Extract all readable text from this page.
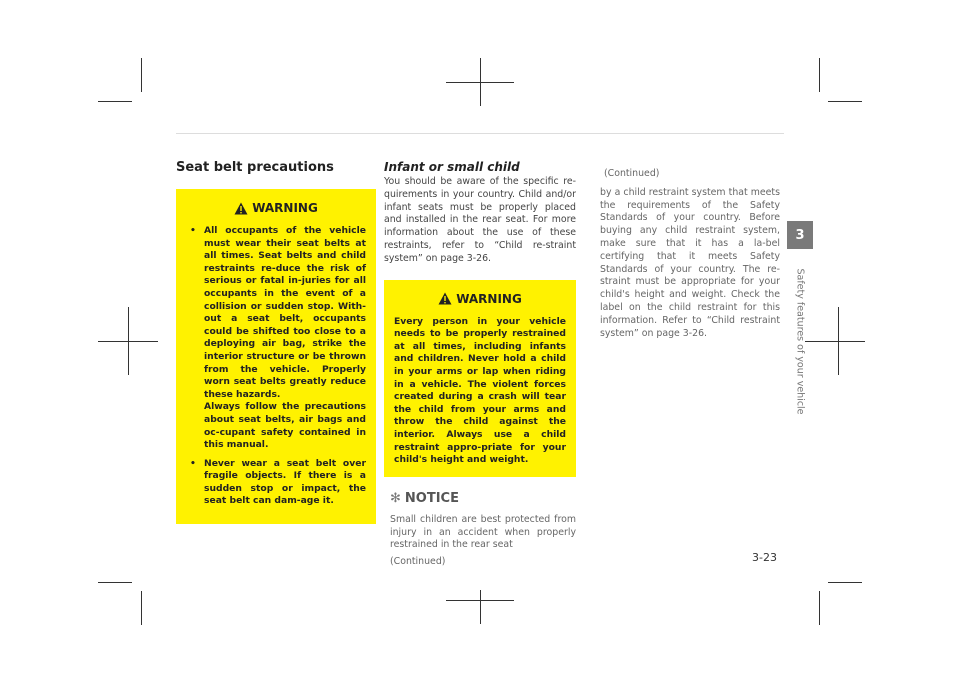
Seat belt precautions
WARNING
• All occupants of the vehicle must wear their seat belts at all times. Seat belts and child restraints re-duce the risk of serious or fatal in-juries for all occupants in the event of a collision or sudden stop. With-out a seat belt, occupants could be shifted too close to a deploying air bag, strike the interior structure or be thrown from the vehicle. Properly worn seat belts greatly reduce these hazards.
Always follow the precautions about seat belts, air bags and oc-cupant safety contained in this manual.
• Never wear a seat belt over fragile objects. If there is a sudden stop or impact, the seat belt can dam-age it.
Infant or small child

You should be aware of the specific re-quirements in your country. Child and/or infant seats must be properly placed and installed in the rear seat. For more information about the use of these restraints, refer to “Child re-straint system” on page 3-26.

WARNING

Every person in your vehicle needs to be properly restrained at all times, including infants and children. Never hold a child in your arms or lap when riding in a vehicle. The violent forces created during a crash will tear the child from your arms and throw the child against the interior. Always use a child restraint appro-priate for your child's height and weight.

✻ NOTICE

Small children are best protected from injury in an accident when properly restrained in the rear seat

(Continued)

(Continued)

by a child restraint system that meets the requirements of the Safety Standards of your country. Before buying any child restraint system, make sure that it has a la-bel certifying that it meets Safety Standards of your country. The re-straint must be appropriate for your child's height and weight. Check the label on the child restraint for this information. Refer to “Child restraint system” on page 3-26.

3
Safety features of your vehicle
3-23
